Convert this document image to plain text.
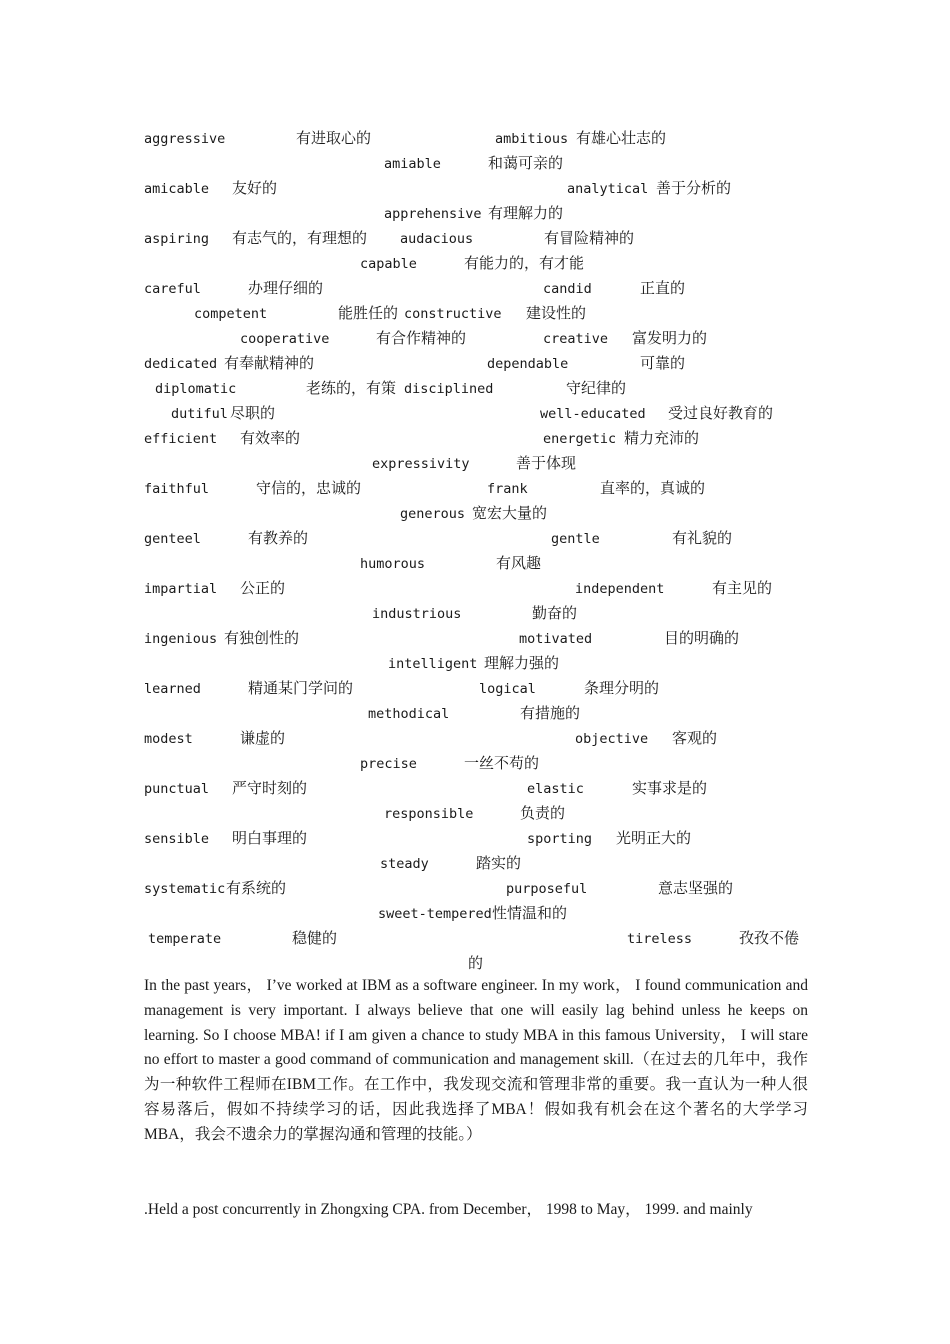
aggressive	有进取心的	ambitious 有雄心壮志的
amiable	和蔼可亲的
amicable 友好的	analytical 善于分析的
apprehensive 有理解力的
aspiring 有志气的，有理想的 audacious	有冒险精神的
capable	有能力的，有才能
careful	办理仔细的	candid	正直的
competent	能胜任的 constructive 建设性的
cooperative	有合作精神的	creative 富发明力的
dedicated 有奉献精神的	dependable	可靠的
diplomatic	老练的，有策 disciplined	守纪律的
dutiful 尽职的	well-educated 受过良好教育的
efficient 有效率的	energetic 精力充沛的
expressivity	善于体现
faithful	守信的，忠诚的	frank	直率的，真诚的
generous 宽宏大量的
genteel	有教养的	gentle	有礼貌的
humorous	有风趣
impartial 公正的	independent	有主见的
industrious	勤奋的
ingenious 有独创性的	motivated	目的明确的
intelligent 理解力强的
learned	精通某门学问的	logical	条理分明的
methodical	有措施的
modest	谦虚的	objective 客观的
precise	一丝不苟的
punctual 严守时刻的	elastic	实事求是的
responsible	负责的
sensible 明白事理的	sporting 光明正大的
steady	踏实的
systematic 有系统的	purposeful	意志坚强的
sweet-tempered 性情温和的
temperate	稳健的	tireless	孜孜不倦
的

In the past years， I’ve worked at IBM as a software engineer. In my work， I found communication and management is very important. I always believe that one will easily lag behind unless he keeps on learning. So I choose MBA! if I am given a chance to study MBA in this famous University， I will stare no effort to master a good command of communication and management skill.（在过去的几年中，我作为一种软件工程师在IBM工作。在工作中，我发现交流和管理非常的重要。我一直认为一种人很容易落后，假如不持续学习的话，因此我选择了MBA！假如我有机会在这个著名的大学学习MBA，我会不遗余力的掌握沟通和管理的技能。）

.Held a post concurrently in Zhongxing CPA. from December， 1998 to May， 1999. and mainly
